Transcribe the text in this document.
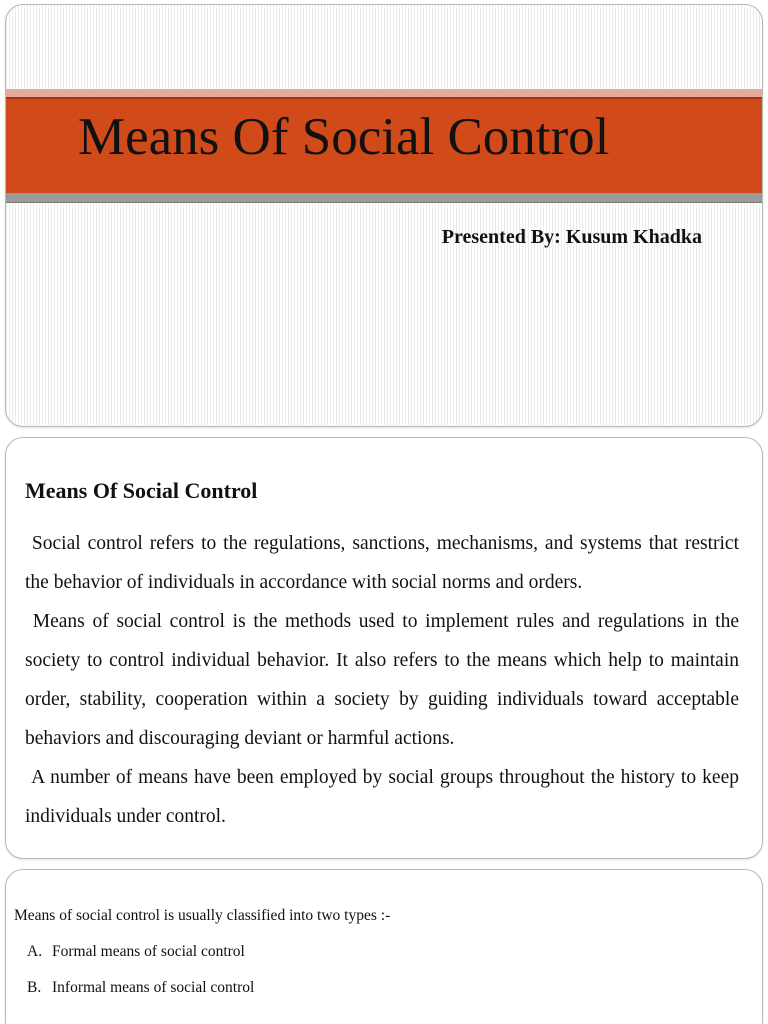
Means Of Social Control
Presented By: Kusum Khadka
Means Of Social Control

Social control refers to the regulations, sanctions, mechanisms, and systems that restrict the behavior of individuals in accordance with social norms and orders.

Means of social control is the methods used to implement rules and regulations in the society to control individual behavior. It also refers to the means which help to maintain order, stability, cooperation within a society by guiding individuals toward acceptable behaviors and discouraging deviant or harmful actions.

A number of means have been employed by social groups throughout the history to keep individuals under control.

Means of social control is usually classified into two types :-
A. Formal means of social control
B. Informal means of social control
